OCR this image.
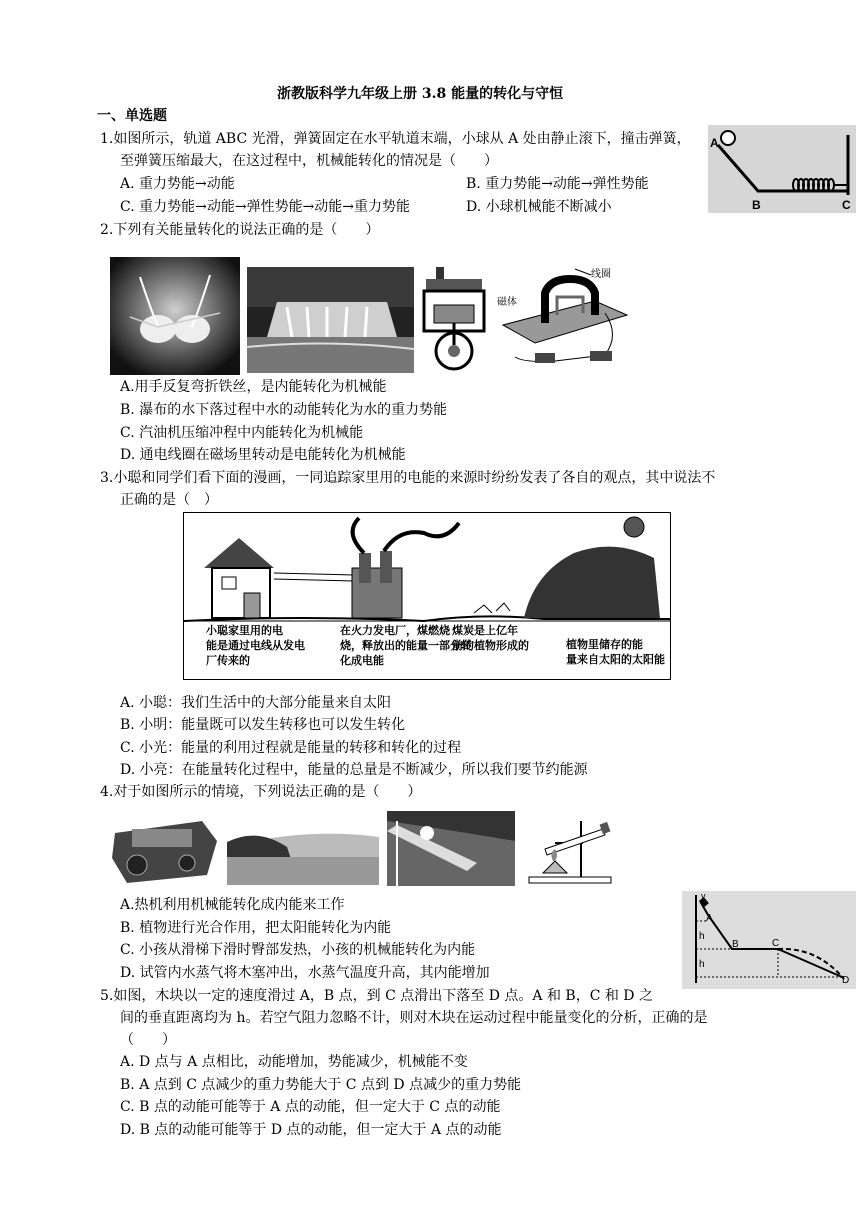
浙教版科学九年级上册 3.8 能量的转化与守恒
一、单选题
1.如图所示，轨道 ABC 光滑，弹簧固定在水平轨道末端，小球从 A 处由静止滚下，撞击弹簧，
至弹簧压缩最大，在这过程中，机械能转化的情况是（　　）
A. 重力势能→动能	B. 重力势能→动能→弹性势能
C. 重力势能→动能→弹性势能→动能→重力势能	D. 小球机械能不断减小
A
B	C
2.下列有关能量转化的说法正确的是（　　）
线圈
磁体
A.用手反复弯折铁丝，是内能转化为机械能
B. 瀑布的水下落过程中水的动能转化为水的重力势能
C. 汽油机压缩冲程中内能转化为机械能
D. 通电线圈在磁场里转动是电能转化为机械能
3.小聪和同学们看下面的漫画，一同追踪家里用的电能的来源时纷纷发表了各自的观点，其中说法不
正确的是（　）
小聪家里用的电
能是通过电线从发电
厂传来的
在火力发电厂，煤燃烧
烧，释放出的能量一部分转
化成电能
煤炭是上亿年
前的植物形成的	植物里储存的能
量来自太阳的太阳能
A. 小聪：我们生活中的大部分能量来自太阳
B. 小明：能量既可以发生转移也可以发生转化
C. 小光：能量的利用过程就是能量的转移和转化的过程
D. 小亮：在能量转化过程中，能量的总量是不断减少，所以我们要节约能源
4.对于如图所示的情境，下列说法正确的是（　　）
A.热机利用机械能转化成内能来工作
B. 植物进行光合作用，把太阳能转化为内能
C. 小孩从滑梯下滑时臀部发热，小孩的机械能转化为内能
D. 试管内水蒸气将木塞冲出，水蒸气温度升高，其内能增加
v
A
B	C
D
h
h
5.如图，木块以一定的速度滑过 A，B 点，到 C 点滑出下落至 D 点。A 和 B，C 和 D 之
间的垂直距离均为 h。若空气阻力忽略不计，则对木块在运动过程中能量变化的分析，正确的是
（　　）
A. D 点与 A 点相比，动能增加，势能减少，机械能不变
B. A 点到 C 点减少的重力势能大于 C 点到 D 点减少的重力势能
C. B 点的动能可能等于 A 点的动能，但一定大于 C 点的动能
D. B 点的动能可能等于 D 点的动能，但一定大于 A 点的动能
